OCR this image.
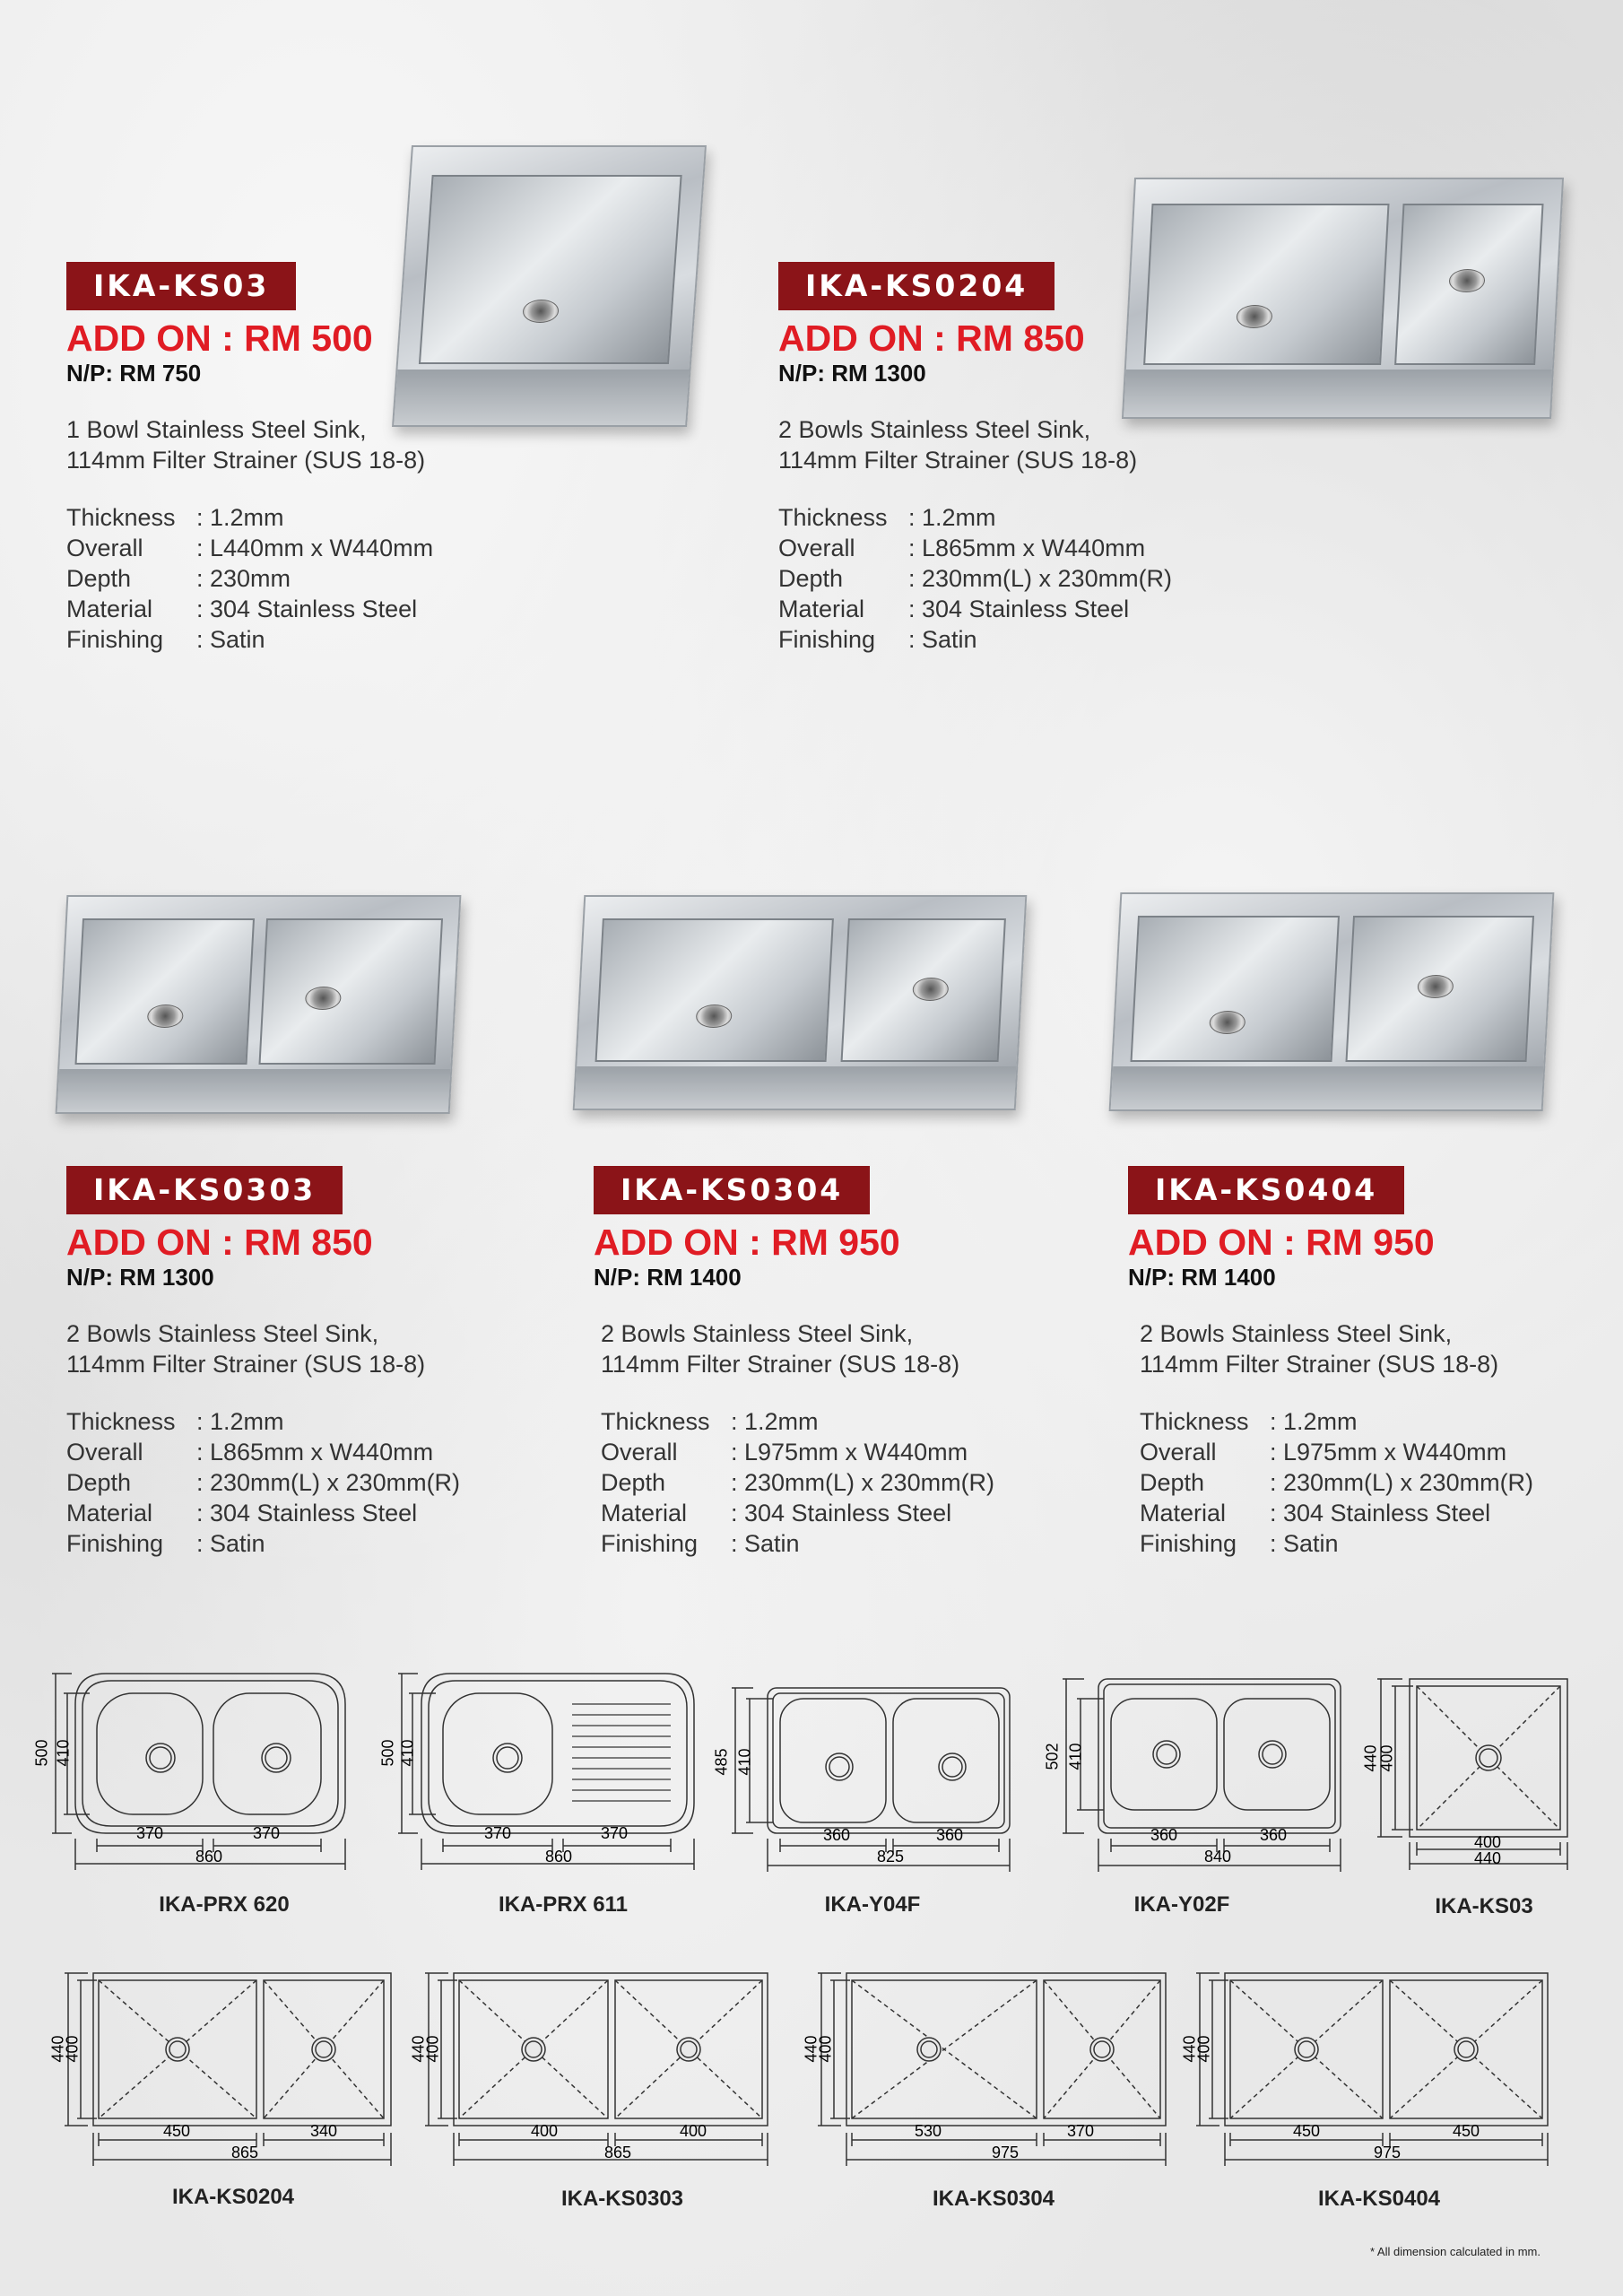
IKA-KS03
ADD ON : RM 500
N/P: RM 750
1 Bowl Stainless Steel Sink,
114mm Filter Strainer (SUS 18-8)
Thickness : 1.2mm
Overall	: L440mm x W440mm
Depth	: 230mm
Material	: 304 Stainless Steel
Finishing	: Satin
IKA-KS0204
ADD ON : RM 850
N/P: RM 1300
2 Bowls Stainless Steel Sink,
114mm Filter Strainer (SUS 18-8)
Thickness : 1.2mm
Overall	: L865mm x W440mm
Depth	: 230mm(L) x 230mm(R)
Material	: 304 Stainless Steel
Finishing	: Satin
IKA-KS0303
ADD ON : RM 850
N/P: RM 1300
2 Bowls Stainless Steel Sink,
114mm Filter Strainer (SUS 18-8)
Thickness : 1.2mm
Overall	: L865mm x W440mm
Depth	: 230mm(L) x 230mm(R)
Material	: 304 Stainless Steel
Finishing	: Satin
IKA-KS0304
ADD ON : RM 950
N/P: RM 1400
2 Bowls Stainless Steel Sink,
114mm Filter Strainer (SUS 18-8)
Thickness : 1.2mm
Overall	: L975mm x W440mm
Depth	: 230mm(L) x 230mm(R)
Material	: 304 Stainless Steel
Finishing	: Satin
IKA-KS0404
ADD ON : RM 950
N/P: RM 1400
2 Bowls Stainless Steel Sink,
114mm Filter Strainer (SUS 18-8)
Thickness : 1.2mm
Overall	: L975mm x W440mm
Depth	: 230mm(L) x 230mm(R)
Material	: 304 Stainless Steel
Finishing	: Satin
500 410
370	370
860
IKA-PRX 620
500 410
370	370
860
IKA-PRX 611
485 410
360	360
825
IKA-Y04F
502 410
360	360
840
IKA-Y02F
440
400
400
440
IKA-KS03
440
400
450	340
865
IKA-KS0204
440
400
400	400
865
IKA-KS0303
440
400
530	370
975
IKA-KS0304
440
400
450	450
975
IKA-KS0404
* All dimension calculated in mm.
